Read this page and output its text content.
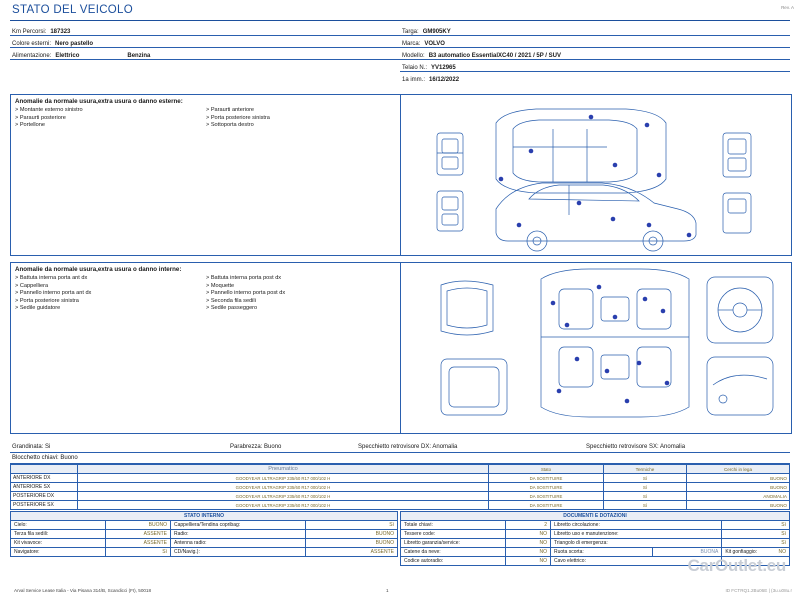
Rev. A
STATO DEL VEICOLO
Km Percorsi: 187323
Colore esterni: Nero pastello
Alimentazione: Elettrico	Benzina
Targa: GM905KY
Marca: VOLVO
Modello: B3 automatico EssentialXC40 / 2021 / 5P / SUV
Telaio N.: YV12965
1a imm.: 16/12/2022
Anomalie da normale usura,extra usura o danno esterne:
> Montante esterno sinistro
> Paraurti posteriore
> Portellone
> Paraurti anteriore
> Porta posteriore sinistra
> Sottoporta destro
Anomalie da normale usura,extra usura o danno interne:
> Battuta interna porta ant dx
> Cappelliera
> Pannello interno porta ant dx
> Porta posteriore sinistra
> Sedile guidatore
> Battuta interna porta post dx
> Moquette
> Pannello interno porta post dx
> Seconda fila sedili
> Sedile passeggero
Grandinata: Si	Parabrezza: Buono	Specchietto retrovisore DX: Anomalia	Specchietto retrovisore SX: Anomalia
Blocchetto chiavi: Buono
	Pneumatico	Stato	Termiche	Cerchi in lega
ANTERIORE DX	GOODYEAR ULTRAGRIP 235/60 R17 000/102 H	DA SOSTITUIRE	Sì	BUONO
ANTERIORE SX	GOODYEAR ULTRAGRIP 235/60 R17 000/102 H	DA SOSTITUIRE	Sì	BUONO
POSTERIORE DX	GOODYEAR ULTRAGRIP 235/60 R17 000/102 H	DA SOSTITUIRE	Sì	ANOMALIA
POSTERIORE SX	GOODYEAR ULTRAGRIP 235/60 R17 000/102 H	DA SOSTITUIRE	Sì	BUONO
STATO INTERNO			
Cielo:	BUONO	Cappelliera/Tendina copribag:	Sì
Terza fila sedili:	ASSENTE	Radio:	BUONO
Kit vivavoce:	ASSENTE	Antenna radio:	BUONO
Navigatore:	Sì	CD/Navig.):	ASSENTE
DOCUMENTI E DOTAZIONI				
Totale chiavi:	2	Libretto circolazione:		Sì
Tessere code:	NO	Libretto uso e manutenzione:		Sì
Libretto garanzia/service:	NO	Triangolo di emergenza:		Sì
Catene da neve:	NO	Ruota scorta:	BUONA	Kit gonfiaggio: NO

Codice autoradio:	NO	Cavo elettrico:			CarOutlet.eu
Arval Service Lease Italia - Via Pisana 314/B, Scandicci (FI), 50018	1	ID FCTRQ1.2Bu06E | (3u.u08u.r
